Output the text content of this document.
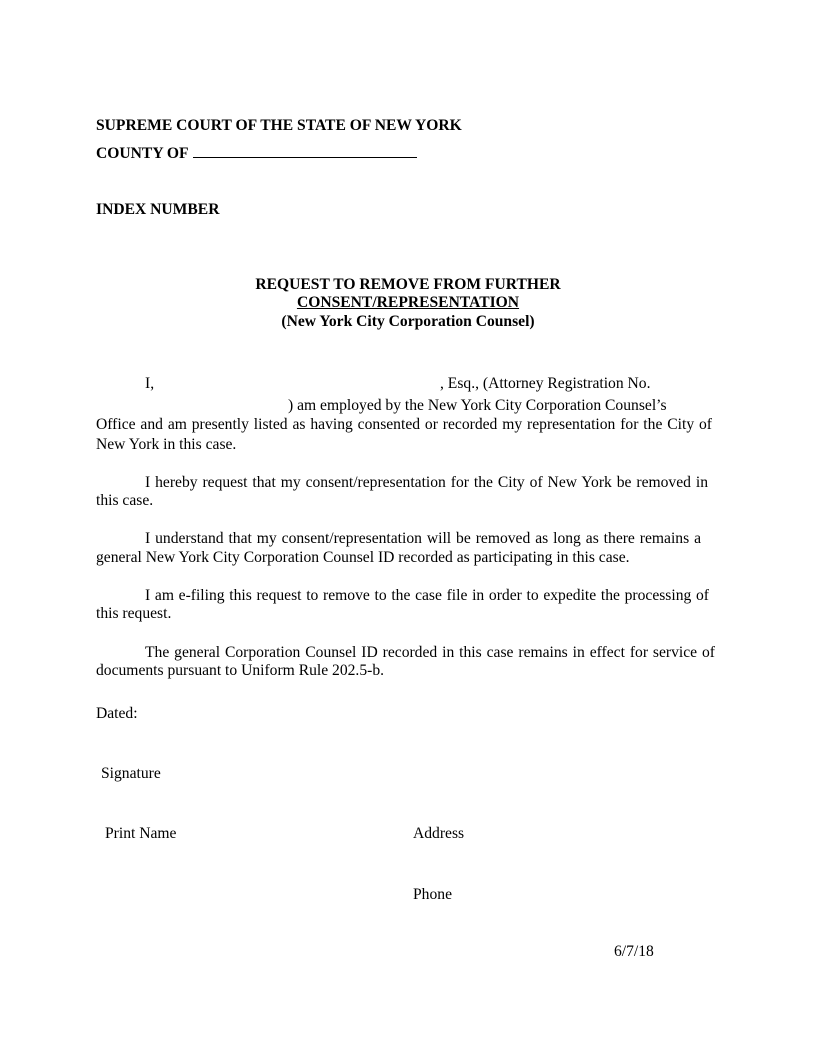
SUPREME COURT OF THE STATE OF NEW YORK
COUNTY OF
INDEX NUMBER
REQUEST TO REMOVE FROM FURTHER
CONSENT/REPRESENTATION
(New York City Corporation Counsel)
I,	, Esq., (Attorney Registration No.
) am employed by the New York City Corporation Counsel’s
Office and am presently listed as having consented or recorded my representation for the City of
New York in this case.
I hereby request that my consent/representation for the City of New York be removed in
this case.
I understand that my consent/representation will be removed as long as there remains a
general New York City Corporation Counsel ID recorded as participating in this case.
I am e-filing this request to remove to the case file in order to expedite the processing of
this request.
The general Corporation Counsel ID recorded in this case remains in effect for service of
documents pursuant to Uniform Rule 202.5-b.
Dated:
Signature
Print Name	Address
Phone
6/7/18
